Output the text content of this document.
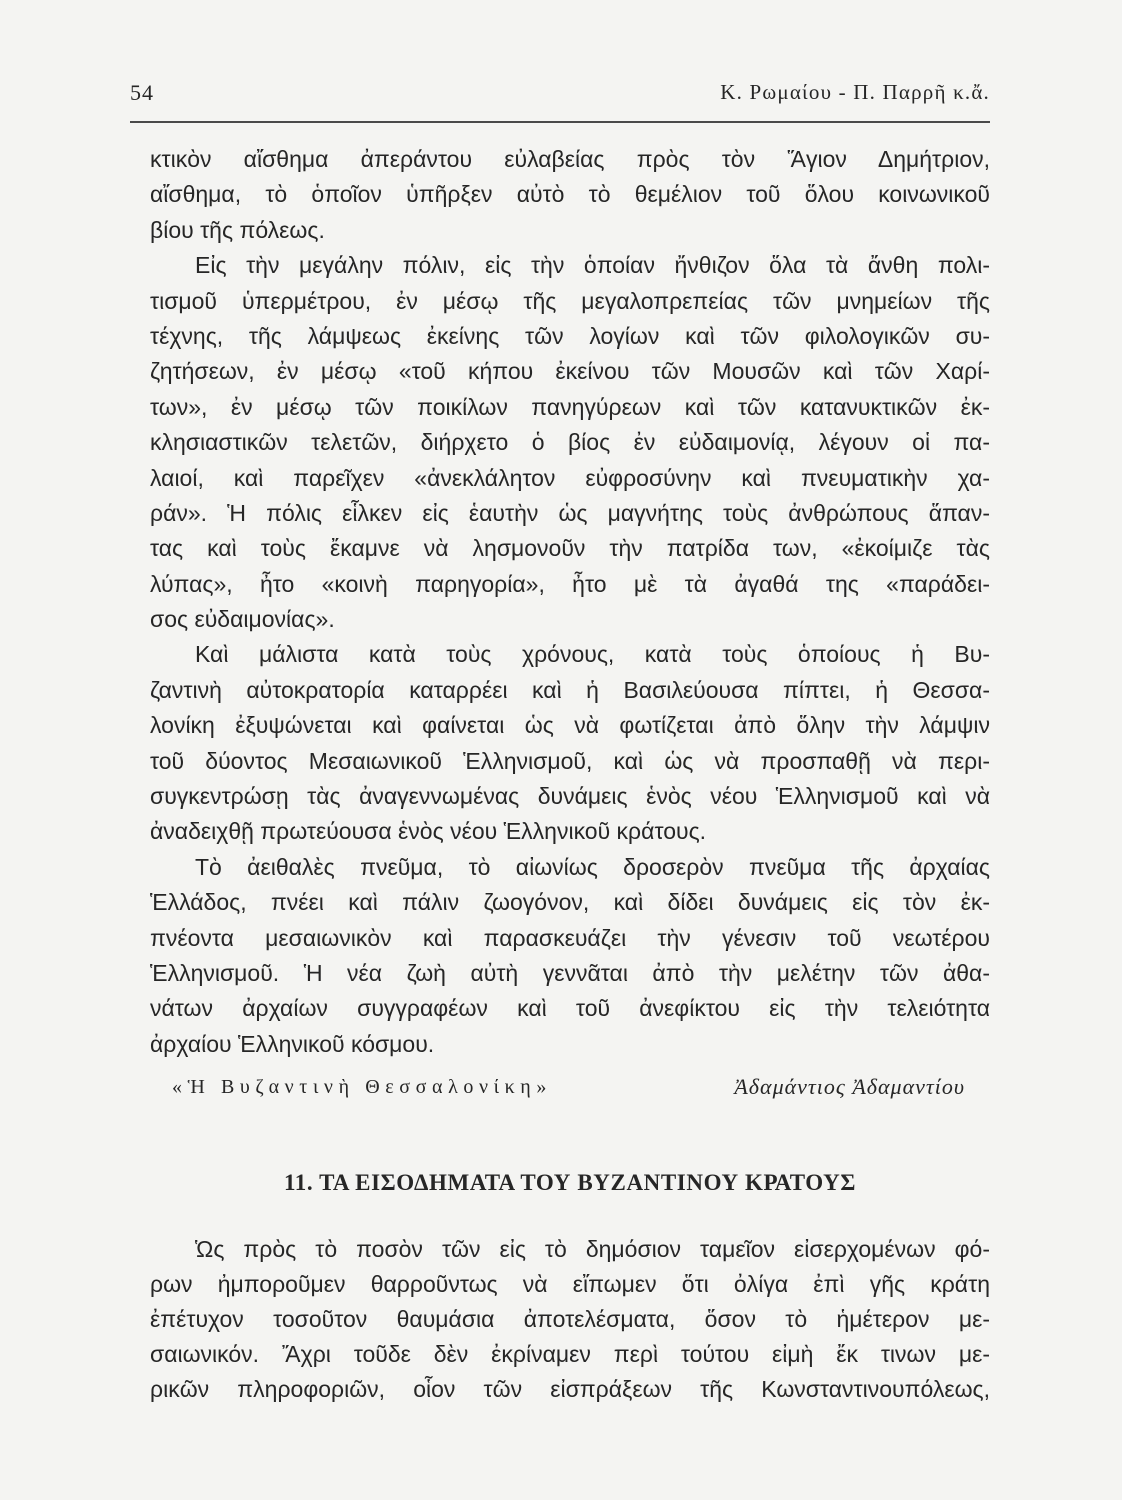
54	Κ. Ρωμαίου - Π. Παρρῆ κ.ἄ.
κτικὸν αἴσθημα ἀπεράντου εὐλαβείας πρὸς τὸν Ἅγιον Δημήτριον,
αἴσθημα, τὸ ὁποῖον ὑπῆρξεν αὐτὸ τὸ θεμέλιον τοῦ ὅλου κοινωνικοῦ
βίου τῆς πόλεως.
Εἰς τὴν μεγάλην πόλιν, εἰς τὴν ὁποίαν ἤνθιζον ὅλα τὰ ἄνθη πολι-
τισμοῦ ὑπερμέτρου, ἐν μέσῳ τῆς μεγαλοπρεπείας τῶν μνημείων τῆς
τέχνης, τῆς λάμψεως ἐκείνης τῶν λογίων καὶ τῶν φιλολογικῶν συ-
ζητήσεων, ἐν μέσῳ «τοῦ κήπου ἐκείνου τῶν Μουσῶν καὶ τῶν Χαρί-
των», ἐν μέσῳ τῶν ποικίλων πανηγύρεων καὶ τῶν κατανυκτικῶν ἐκ-
κλησιαστικῶν τελετῶν, διήρχετο ὁ βίος ἐν εὐδαιμονίᾳ, λέγουν οἱ πα-
λαιοί, καὶ παρεῖχεν «ἀνεκλάλητον εὐφροσύνην καὶ πνευματικὴν χα-
ράν». Ἡ πόλις εἷλκεν εἰς ἑαυτὴν ὡς μαγνήτης τοὺς ἀνθρώπους ἅπαν-
τας καὶ τοὺς ἔκαμνε νὰ λησμονοῦν τὴν πατρίδα των, «ἐκοίμιζε τὰς
λύπας», ἦτο «κοινὴ παρηγορία», ἦτο μὲ τὰ ἀγαθά της «παράδει-
σος εὐδαιμονίας».
Καὶ μάλιστα κατὰ τοὺς χρόνους, κατὰ τοὺς ὁποίους ἡ Βυ-
ζαντινὴ αὐτοκρατορία καταρρέει καὶ ἡ Βασιλεύουσα πίπτει, ἡ Θεσσα-
λονίκη ἐξυψώνεται καὶ φαίνεται ὡς νὰ φωτίζεται ἀπὸ ὅλην τὴν λάμψιν
τοῦ δύοντος Μεσαιωνικοῦ Ἑλληνισμοῦ, καὶ ὡς νὰ προσπαθῇ νὰ περι-
συγκεντρώσῃ τὰς ἀναγεννωμένας δυνάμεις ἑνὸς νέου Ἑλληνισμοῦ καὶ νὰ
ἀναδειχθῇ πρωτεύουσα ἑνὸς νέου Ἑλληνικοῦ κράτους.
Τὸ ἀειθαλὲς πνεῦμα, τὸ αἰωνίως δροσερὸν πνεῦμα τῆς ἀρχαίας
Ἑλλάδος, πνέει καὶ πάλιν ζωογόνον, καὶ δίδει δυνάμεις εἰς τὸν ἐκ-
πνέοντα μεσαιωνικὸν καὶ παρασκευάζει τὴν γένεσιν τοῦ νεωτέρου
Ἑλληνισμοῦ. Ἡ νέα ζωὴ αὐτὴ γεννᾶται ἀπὸ τὴν μελέτην τῶν ἀθα-
νάτων ἀρχαίων συγγραφέων καὶ τοῦ ἀνεφίκτου εἰς τὴν τελειότητα
ἀρχαίου Ἑλληνικοῦ κόσμου.
«Ἡ Βυζαντινὴ Θεσσαλονίκη»	Ἀδαμάντιος Ἀδαμαντίου
11. ΤΑ ΕΙΣΟΔΗΜΑΤΑ ΤΟΥ ΒΥΖΑΝΤΙΝΟΥ ΚΡΑΤΟΥΣ
Ὡς πρὸς τὸ ποσὸν τῶν εἰς τὸ δημόσιον ταμεῖον εἰσερχομένων φό-
ρων ἠμποροῦμεν θαρροῦντως νὰ εἴπωμεν ὅτι ὀλίγα ἐπὶ γῆς κράτη
ἐπέτυχον τοσοῦτον θαυμάσια ἀποτελέσματα, ὅσον τὸ ἡμέτερον με-
σαιωνικόν. Ἄχρι τοῦδε δὲν ἐκρίναμεν περὶ τούτου εἰμὴ ἔκ τινων με-
ρικῶν πληροφοριῶν, οἷον τῶν εἰσπράξεων τῆς Κωνσταντινουπόλεως,
